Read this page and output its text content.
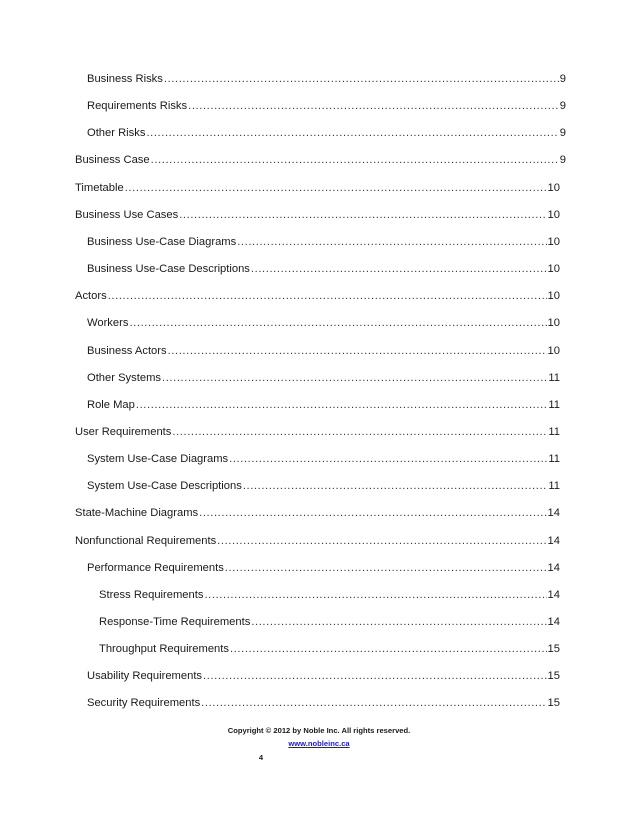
Business Risks .....	9
Requirements Risks .....	9
Other Risks .....	9
Business Case .....	9
Timetable .....	10
Business Use Cases .....	10
Business Use-Case Diagrams .....	10
Business Use-Case Descriptions .....	10
Actors .....	10
Workers .....	10
Business Actors .....	10
Other Systems .....	11
Role Map .....	11
User Requirements .....	11
System Use-Case Diagrams .....	11
System Use-Case Descriptions .....	11
State-Machine Diagrams .....	14
Nonfunctional Requirements .....	14
Performance Requirements .....	14
Stress Requirements .....	14
Response-Time Requirements .....	14
Throughput Requirements .....	15
Usability Requirements .....	15
Security Requirements .....	15
Copyright © 2012 by Noble Inc. All rights reserved.
www.nobleinc.ca
4
